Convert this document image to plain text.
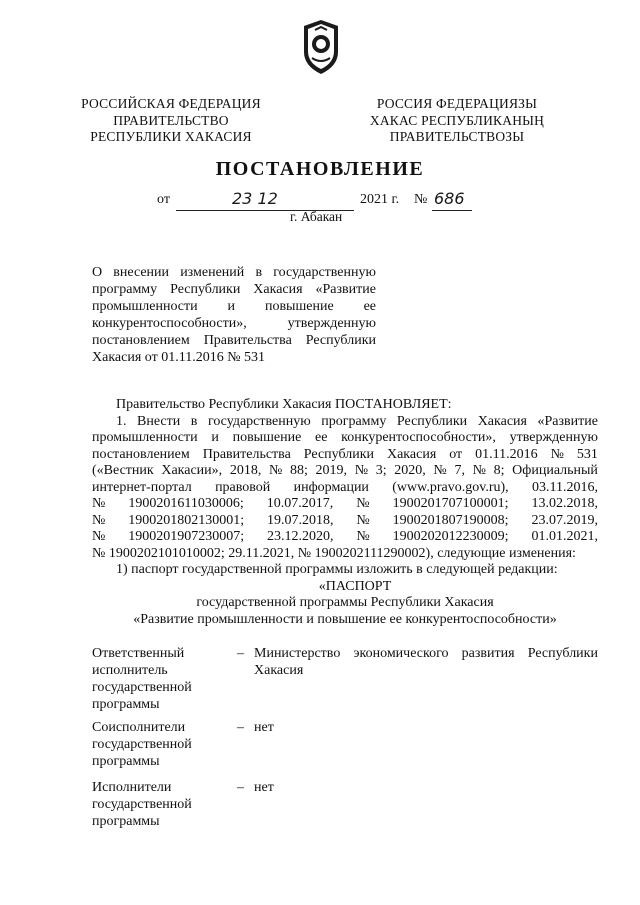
РОССИЙСКАЯ ФЕДЕРАЦИЯ
ПРАВИТЕЛЬСТВО
РЕСПУБЛИКИ ХАКАСИЯ
РОССИЯ ФЕДЕРАЦИЯЗЫ
ХАКАС РЕСПУБЛИКАНЫҢ
ПРАВИТЕЛЬСТВОЗЫ
ПОСТАНОВЛЕНИЕ
от	23 12	2021 г. № 686
г. Абакан
О внесении изменений в государственную
программу Республики Хакасия «Развитие
промышленности и повышение ее
конкурентоспособности»,	утвержденную
постановлением Правительства Республики
Хакасия от 01.11.2016 № 531
Правительство Республики Хакасия ПОСТАНОВЛЯЕТ:
1. Внести в государственную программу Республики Хакасия «Развитие
промышленности и повышение ее конкурентоспособности», утвержденную
постановлением Правительства Республики Хакасия от 01.11.2016 № 531
(«Вестник Хакасии», 2018, № 88; 2019, № 3; 2020, № 7, № 8; Официальный
интернет-портал правовой информации (www.pravo.gov.ru), 03.11.2016,
№ 1900201611030006; 10.07.2017, № 1900201707100001; 13.02.2018,
№ 1900201802130001; 19.07.2018, № 1900201807190008; 23.07.2019,
№ 1900201907230007; 23.12.2020, № 1900202012230009; 01.01.2021,
№ 1900202101010002; 29.11.2021, № 1900202111290002), следующие изменения:
1) паспорт государственной программы изложить в следующей редакции:
«ПАСПОРТ
государственной программы Республики Хакасия
«Развитие промышленности и повышение ее конкурентоспособности»
Ответственный
исполнитель
государственной
программы
– Министерство экономического развития Республики
Хакасия
Соисполнители
государственной
программы
– нет
Исполнители
государственной
программы
– нет
